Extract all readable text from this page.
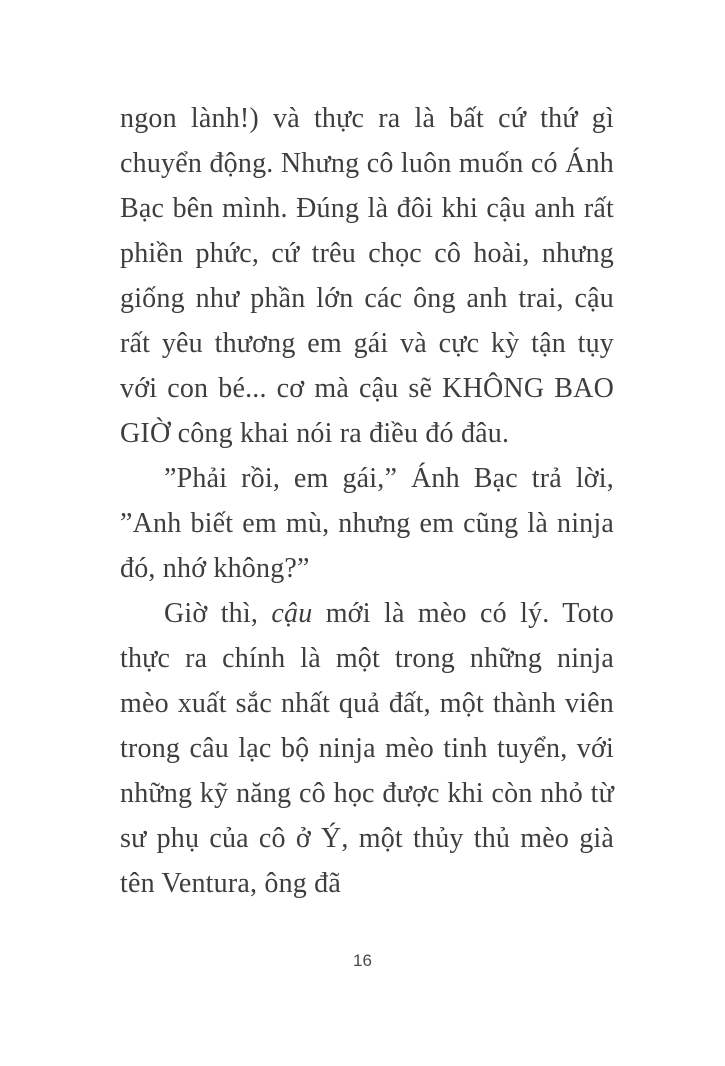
ngon lành!) và thực ra là bất cứ thứ gì chuyển động. Nhưng cô luôn muốn có Ánh Bạc bên mình. Đúng là đôi khi cậu anh rất phiền phức, cứ trêu chọc cô hoài, nhưng giống như phần lớn các ông anh trai, cậu rất yêu thương em gái và cực kỳ tận tụy với con bé... cơ mà cậu sẽ KHÔNG BAO GIỜ công khai nói ra điều đó đâu.

”Phải rồi, em gái,” Ánh Bạc trả lời, ”Anh biết em mù, nhưng em cũng là ninja đó, nhớ không?”

Giờ thì, cậu mới là mèo có lý. Toto thực ra chính là một trong những ninja mèo xuất sắc nhất quả đất, một thành viên trong câu lạc bộ ninja mèo tinh tuyển, với những kỹ năng cô học được khi còn nhỏ từ sư phụ của cô ở Ý, một thủy thủ mèo già tên Ventura, ông đã

16
